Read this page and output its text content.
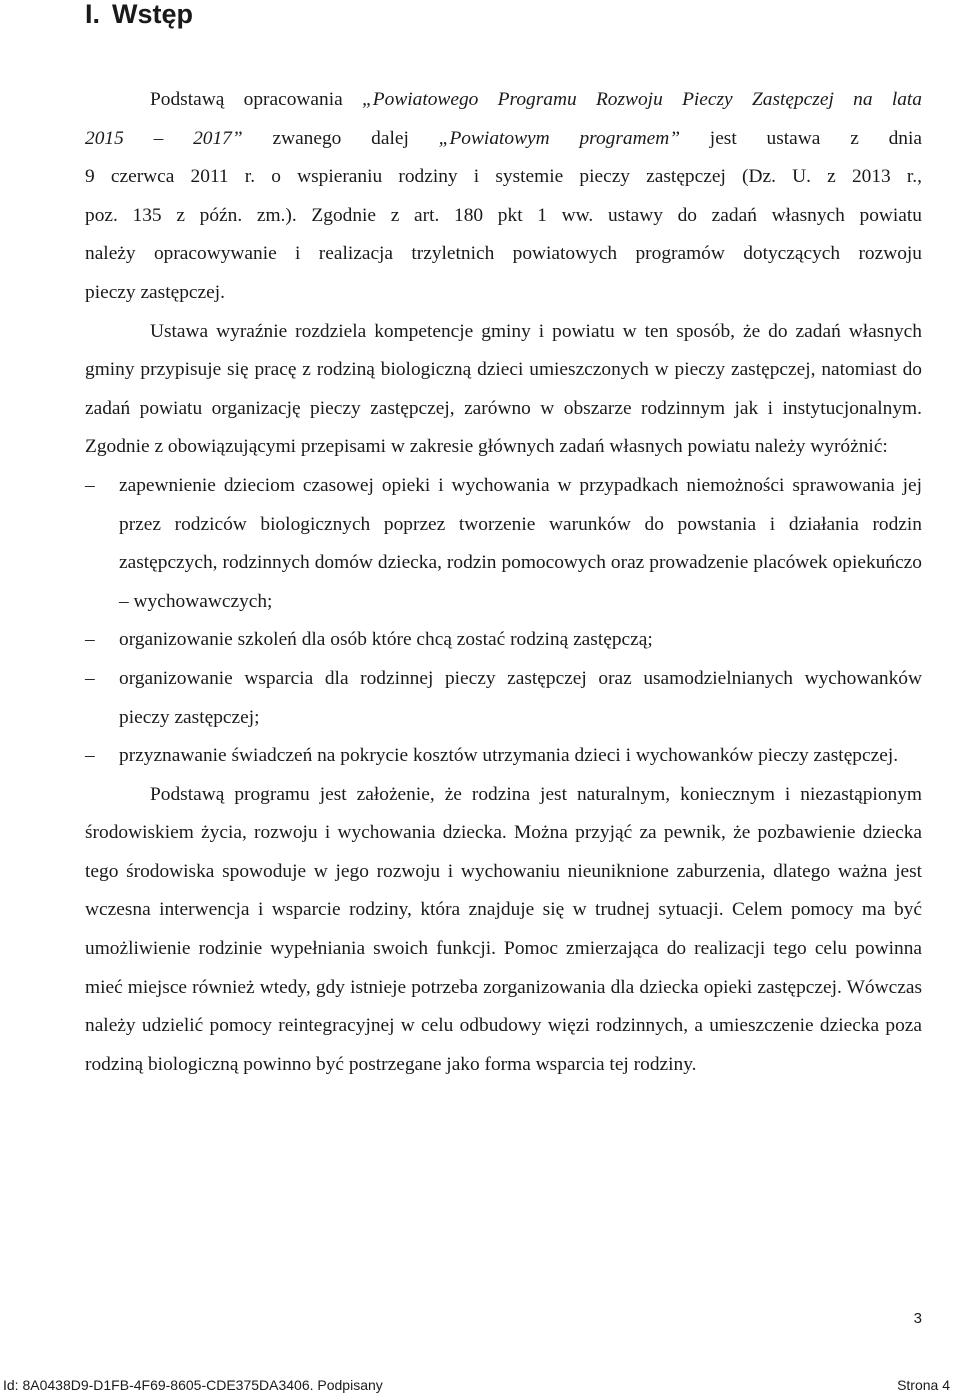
I. Wstęp
Podstawą opracowania „Powiatowego Programu Rozwoju Pieczy Zastępczej na lata
2015 – 2017” zwanego dalej „Powiatowym programem” jest ustawa z dnia
9 czerwca 2011 r. o wspieraniu rodziny i systemie pieczy zastępczej (Dz. U. z 2013 r.,
poz. 135 z późn. zm.). Zgodnie z art. 180 pkt 1 ww. ustawy do zadań własnych powiatu
należy opracowywanie i realizacja trzyletnich powiatowych programów dotyczących rozwoju
pieczy zastępczej.

Ustawa wyraźnie rozdziela kompetencje gminy i powiatu w ten sposób, że do zadań własnych gminy przypisuje się pracę z rodziną biologiczną dzieci umieszczonych w pieczy zastępczej, natomiast do zadań powiatu organizację pieczy zastępczej, zarówno w obszarze rodzinnym jak i instytucjonalnym. Zgodnie z obowiązującymi przepisami w zakresie głównych zadań własnych powiatu należy wyróżnić:

–	zapewnienie dzieciom czasowej opieki i wychowania w przypadkach niemożności sprawowania jej przez rodziców biologicznych poprzez tworzenie warunków do powstania i działania rodzin zastępczych, rodzinnych domów dziecka, rodzin pomocowych oraz prowadzenie placówek opiekuńczo – wychowawczych;
–	organizowanie szkoleń dla osób które chcą zostać rodziną zastępczą;
–	organizowanie wsparcia dla rodzinnej pieczy zastępczej oraz usamodzielnianych wychowanków pieczy zastępczej;
–	przyznawanie świadczeń na pokrycie kosztów utrzymania dzieci i wychowanków pieczy zastępczej.

Podstawą programu jest założenie, że rodzina jest naturalnym, koniecznym i niezastąpionym środowiskiem życia, rozwoju i wychowania dziecka. Można przyjąć za pewnik, że pozbawienie dziecka tego środowiska spowoduje w jego rozwoju i wychowaniu nieuniknione zaburzenia, dlatego ważna jest wczesna interwencja i wsparcie rodziny, która znajduje się w trudnej sytuacji. Celem pomocy ma być umożliwienie rodzinie wypełniania swoich funkcji. Pomoc zmierzająca do realizacji tego celu powinna mieć miejsce również wtedy, gdy istnieje potrzeba zorganizowania dla dziecka opieki zastępczej. Wówczas należy udzielić pomocy reintegracyjnej w celu odbudowy więzi rodzinnych, a umieszczenie dziecka poza rodziną biologiczną powinno być postrzegane jako forma wsparcia tej rodziny.

3
Id: 8A0438D9-D1FB-4F69-8605-CDE375DA3406. Podpisany	Strona 4
